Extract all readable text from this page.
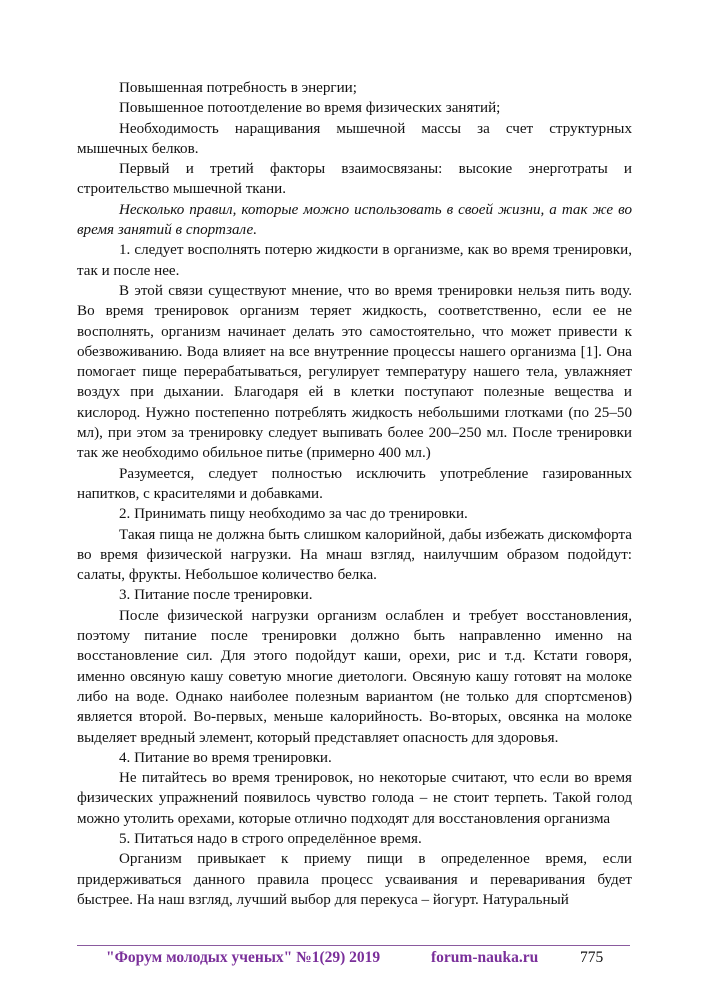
Повышенная потребность в энергии;

Повышенное потоотделение во время физических занятий;

Необходимость наращивания мышечной массы за счет структурных мышечных белков.

Первый и третий факторы взаимосвязаны: высокие энерготраты и строительство мышечной ткани.

Несколько правил, которые можно использовать в своей жизни, а так же во время занятий в спортзале.

1. следует восполнять потерю жидкости в организме, как во время тренировки, так и после нее.

В этой связи существуют мнение, что во время тренировки нельзя пить воду. Во время тренировок организм теряет жидкость, соответственно, если ее не восполнять, организм начинает делать это самостоятельно, что может привести к обезвоживанию. Вода влияет на все внутренние процессы нашего организма [1]. Она помогает пище перерабатываться, регулирует температуру нашего тела, увлажняет воздух при дыхании. Благодаря ей в клетки поступают полезные вещества и кислород. Нужно постепенно потреблять жидкость небольшими глотками (по 25–50 мл), при этом за тренировку следует выпивать более 200–250 мл. После тренировки так же необходимо обильное питье (примерно 400 мл.)

Разумеется, следует полностью исключить употребление газированных напитков, с красителями и добавками.

2. Принимать пищу необходимо за час до тренировки.

Такая пища не должна быть слишком калорийной, дабы избежать дискомфорта во время физической нагрузки. На мнаш взгляд, наилучшим образом подойдут: салаты, фрукты. Небольшое количество белка.

3. Питание после тренировки.

После физической нагрузки организм ослаблен и требует восстановления, поэтому питание после тренировки должно быть направленно именно на восстановление сил. Для этого подойдут каши, орехи, рис и т.д. Кстати говоря, именно овсяную кашу советую многие диетологи. Овсяную кашу готовят на молоке либо на воде. Однако наиболее полезным вариантом (не только для спортсменов) является второй. Во-первых, меньше калорийность. Во-вторых, овсянка на молоке выделяет вредный элемент, который представляет опасность для здоровья.

4. Питание во время тренировки.

Не питайтесь во время тренировок, но некоторые считают, что если во время физических упражнений появилось чувство голода – не стоит терпеть. Такой голод можно утолить орехами, которые отлично подходят для восстановления организма

5. Питаться надо в строго определённое время.

Организм привыкает к приему пищи в определенное время, если придерживаться данного правила процесс усваивания и переваривания будет быстрее. На наш взгляд, лучший выбор для перекуса – йогурт. Натуральный

"Форум молодых ученых" №1(29) 2019	forum-nauka.ru	775
